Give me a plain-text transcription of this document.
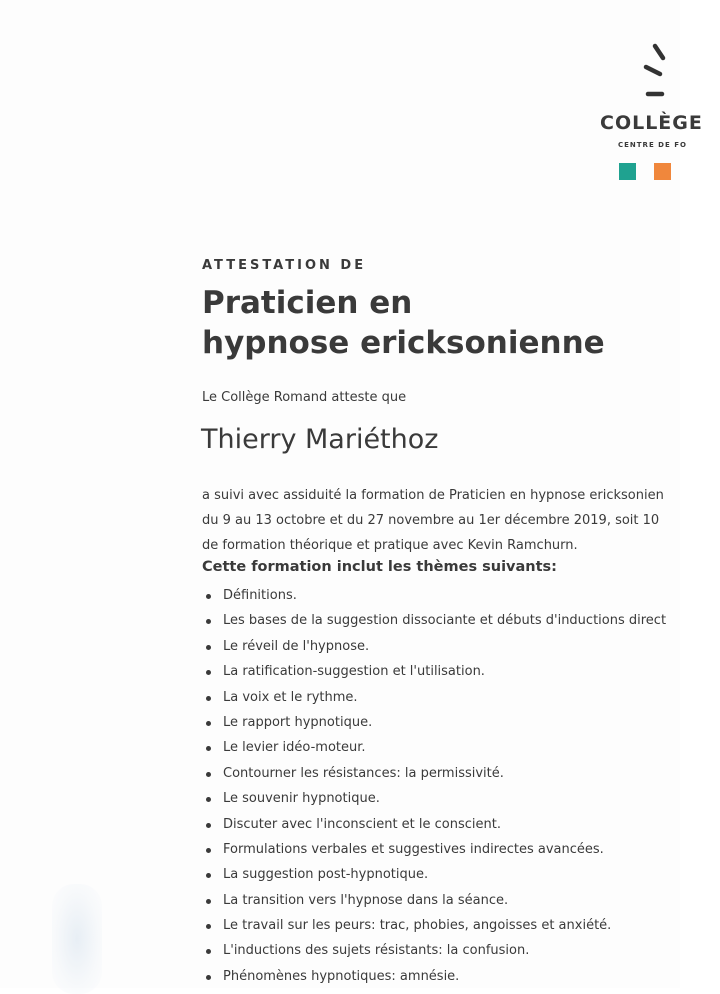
COLLÈGE
CENTRE DE FO
ATTESTATION DE
Praticien en
hypnose ericksonienne
Le Collège Romand atteste que
Thierry Mariéthoz
a suivi avec assiduité la formation de Praticien en hypnose ericksonien
du 9 au 13 octobre et du 27 novembre au 1er décembre 2019, soit 10
de formation théorique et pratique avec Kevin Ramchurn.
Cette formation inclut les thèmes suivants:
Définitions.
Les bases de la suggestion dissociante et débuts d'inductions direct
Le réveil de l'hypnose.
La ratification-suggestion et l'utilisation.
La voix et le rythme.
Le rapport hypnotique.
Le levier idéo-moteur.
Contourner les résistances: la permissivité.
Le souvenir hypnotique.
Discuter avec l'inconscient et le conscient.
Formulations verbales et suggestives indirectes avancées.
La suggestion post-hypnotique.
La transition vers l'hypnose dans la séance.
Le travail sur les peurs: trac, phobies, angoisses et anxiété.
L'inductions des sujets résistants: la confusion.
Phénomènes hypnotiques: amnésie.
